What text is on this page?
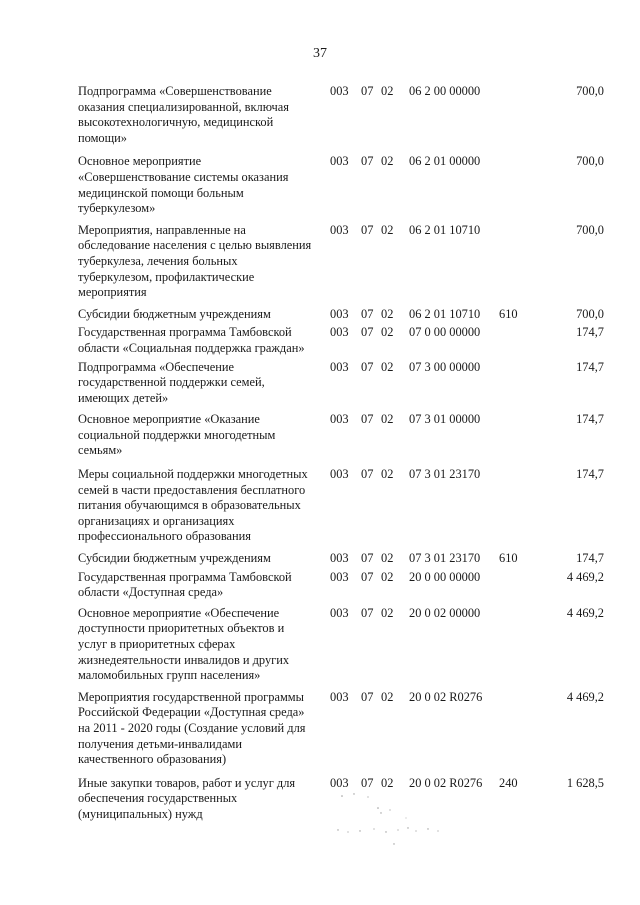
37
Подпрограмма «Совершенствование оказания специализированной, включая высокотехнологичную, медицинской помощи»
003 07 02 06 2 00 00000	700,0
Основное мероприятие «Совершенствование системы оказания медицинской помощи больным туберкулезом»
003 07 02 06 2 01 00000	700,0
Мероприятия, направленные на обследование населения с целью выявления туберкулеза, лечения больных туберкулезом, профилактические мероприятия
003 07 02 06 2 01 10710	700,0
Субсидии бюджетным учреждениям	003 07 02 06 2 01 10710 610	700,0
Государственная программа Тамбовской области «Социальная поддержка граждан»
003 07 02 07 0 00 00000	174,7
Подпрограмма «Обеспечение государственной поддержки семей, имеющих детей»
003 07 02 07 3 00 00000	174,7
Основное мероприятие «Оказание социальной поддержки многодетным семьям»
003 07 02 07 3 01 00000	174,7
Меры социальной поддержки многодетных семей в части предоставления бесплатного питания обучающимся в образовательных организациях и организациях профессионального образования
003 07 02 07 3 01 23170	174,7
Субсидии бюджетным учреждениям	003 07 02 07 3 01 23170 610	174,7
Государственная программа Тамбовской области «Доступная среда»
003 07 02 20 0 00 00000	4 469,2
Основное мероприятие «Обеспечение доступности приоритетных объектов и услуг в приоритетных сферах жизнедеятельности инвалидов и других маломобильных групп населения»
003 07 02 20 0 02 00000	4 469,2
Мероприятия государственной программы Российской Федерации «Доступная среда» на 2011 - 2020 годы (Создание условий для получения детьми-инвалидами качественного образования)
003 07 02 20 0 02 R0276	4 469,2
Иные закупки товаров, работ и услуг для обеспечения государственных (муниципальных) нужд
003 07 02 20 0 02 R0276 240	1 628,5
